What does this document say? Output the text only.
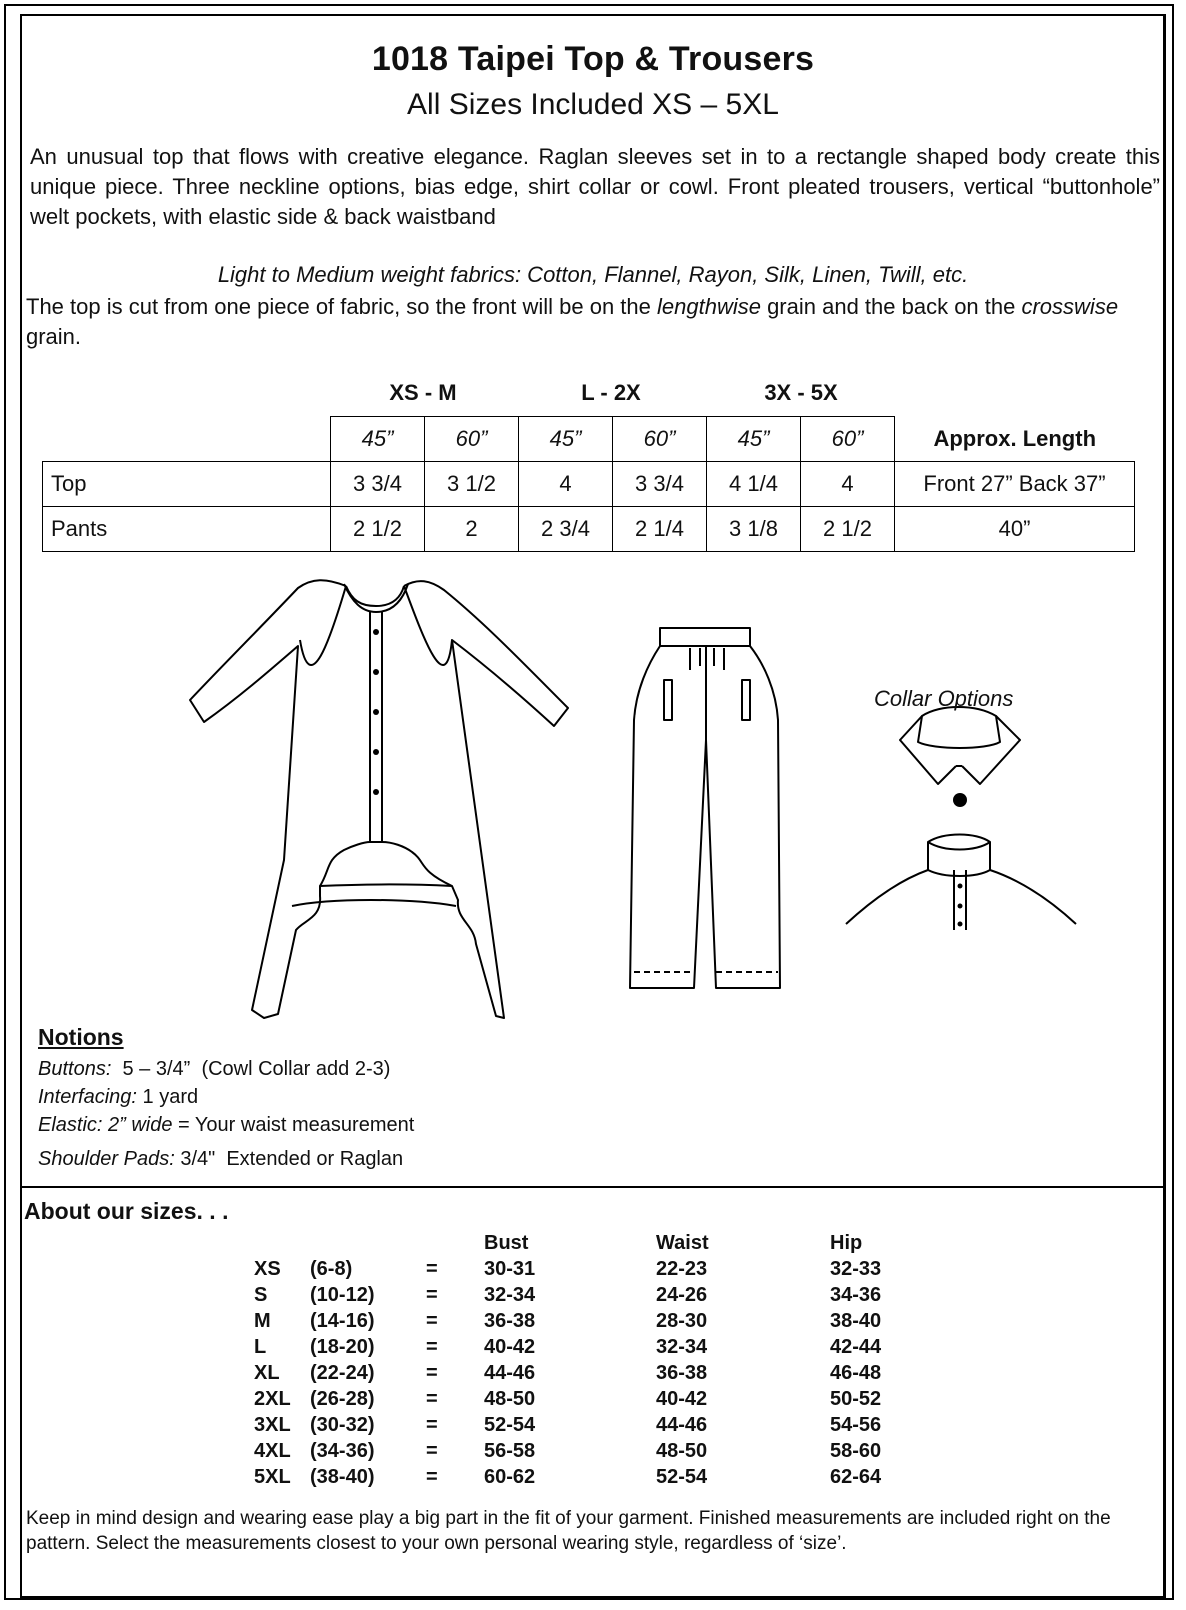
1018 Taipei Top & Trousers
All Sizes Included XS – 5XL
An unusual top that flows with creative elegance. Raglan sleeves set in to a rectangle shaped body create this unique piece. Three neckline options, bias edge, shirt collar or cowl. Front pleated trousers, vertical “buttonhole” welt pockets, with elastic side & back waistband
Light to Medium weight fabrics: Cotton, Flannel, Rayon, Silk, Linen, Twill, etc.
The top is cut from one piece of fabric, so the front will be on the lengthwise grain and the back on the crosswise grain.
XS - M	L - 2X	3X - 5X
	45”	60”	45”	60”	45”	60”	Approx. Length
Top	3 3/4	3 1/2	4	3 3/4	4 1/4	4	Front 27” Back 37”
Pants	2 1/2	2	2 3/4	2 1/4	3 1/8	2 1/2	40”
Collar Options
Notions
Buttons:  5 – 3/4”  (Cowl Collar add 2-3)
Interfacing: 1 yard
Elastic: 2” wide = Your waist measurement
Shoulder Pads: 3/4"  Extended or Raglan
About our sizes. . .
Bust	Waist	Hip
XS (6-8)	= 30-31	22-23	32-33
S (10-12)	= 32-34	24-26	34-36
M (14-16)	= 36-38	28-30	38-40
L (18-20)	= 40-42	32-34	42-44
XL (22-24)	= 44-46	36-38	46-48
2XL (26-28)	= 48-50	40-42	50-52
3XL (30-32)	= 52-54	44-46	54-56
4XL (34-36)	= 56-58	48-50	58-60
5XL (38-40)	= 60-62	52-54	62-64
Keep in mind design and wearing ease play a big part in the fit of your garment. Finished measurements are included right on the pattern. Select the measurements closest to your own personal wearing style, regardless of ‘size’.
